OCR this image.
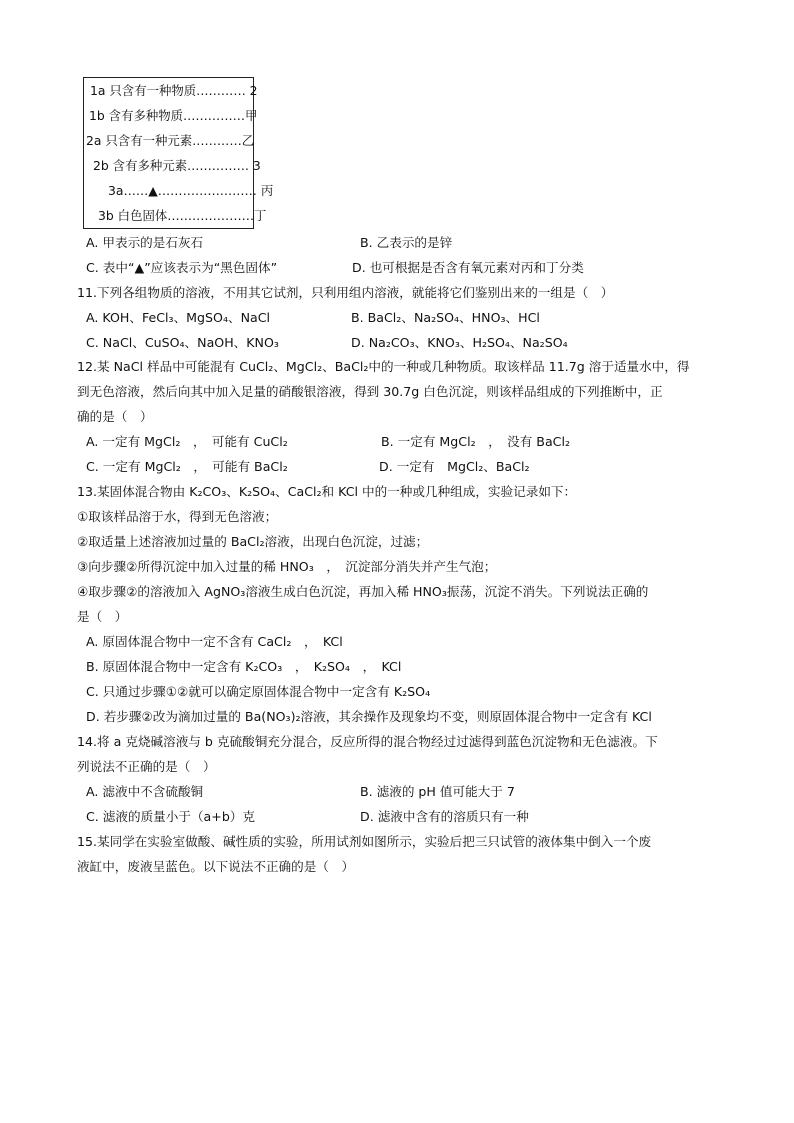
1a 只含有一种物质………… 2
1b 含有多种物质……………甲
2a 只含有一种元素…………乙
2b 含有多种元素…………… 3
3a……▲…………………… 丙
3b 白色固体…………………丁
A. 甲表示的是石灰石	B. 乙表示的是锌
C. 表中“▲”应该表示为“黑色固体”	D. 也可根据是否含有氧元素对丙和丁分类
11.下列各组物质的溶液，不用其它试剂，只利用组内溶液，就能将它们鉴别出来的一组是（　）
A. KOH、FeCl₃、MgSO₄、NaCl	B. BaCl₂、Na₂SO₄、HNO₃、HCl
C. NaCl、CuSO₄、NaOH、KNO₃	D. Na₂CO₃、KNO₃、H₂SO₄、Na₂SO₄
12.某 NaCl 样品中可能混有 CuCl₂、MgCl₂、BaCl₂中的一种或几种物质。取该样品 11.7g 溶于适量水中，得
到无色溶液，然后向其中加入足量的硝酸银溶液，得到 30.7g 白色沉淀，则该样品组成的下列推断中，正
确的是（　）
A. 一定有 MgCl₂　，　可能有 CuCl₂	B. 一定有 MgCl₂　，　没有 BaCl₂
C. 一定有 MgCl₂　，　可能有 BaCl₂	D. 一定有　MgCl₂、BaCl₂
13.某固体混合物由 K₂CO₃、K₂SO₄、CaCl₂和 KCl 中的一种或几种组成，实验记录如下：
①取该样品溶于水，得到无色溶液；
②取适量上述溶液加过量的 BaCl₂溶液，出现白色沉淀，过滤；
③向步骤②所得沉淀中加入过量的稀 HNO₃　，　沉淀部分消失并产生气泡；
④取步骤②的溶液加入 AgNO₃溶液生成白色沉淀，再加入稀 HNO₃振荡，沉淀不消失。下列说法正确的
是（　）
A. 原固体混合物中一定不含有 CaCl₂　，　KCl
B. 原固体混合物中一定含有 K₂CO₃　，　K₂SO₄　，　KCl
C. 只通过步骤①②就可以确定原固体混合物中一定含有 K₂SO₄
D. 若步骤②改为滴加过量的 Ba(NO₃)₂溶液，其余操作及现象均不变，则原固体混合物中一定含有 KCl
14.将 a 克烧碱溶液与 b 克硫酸铜充分混合，反应所得的混合物经过过滤得到蓝色沉淀物和无色滤液。下
列说法不正确的是（　）
A. 滤液中不含硫酸铜	B. 滤液的 pH 值可能大于 7
C. 滤液的质量小于（a+b）克	D. 滤液中含有的溶质只有一种
15.某同学在实验室做酸、碱性质的实验，所用试剂如图所示，实验后把三只试管的液体集中倒入一个废
液缸中，废液呈蓝色。以下说法不正确的是（　）
